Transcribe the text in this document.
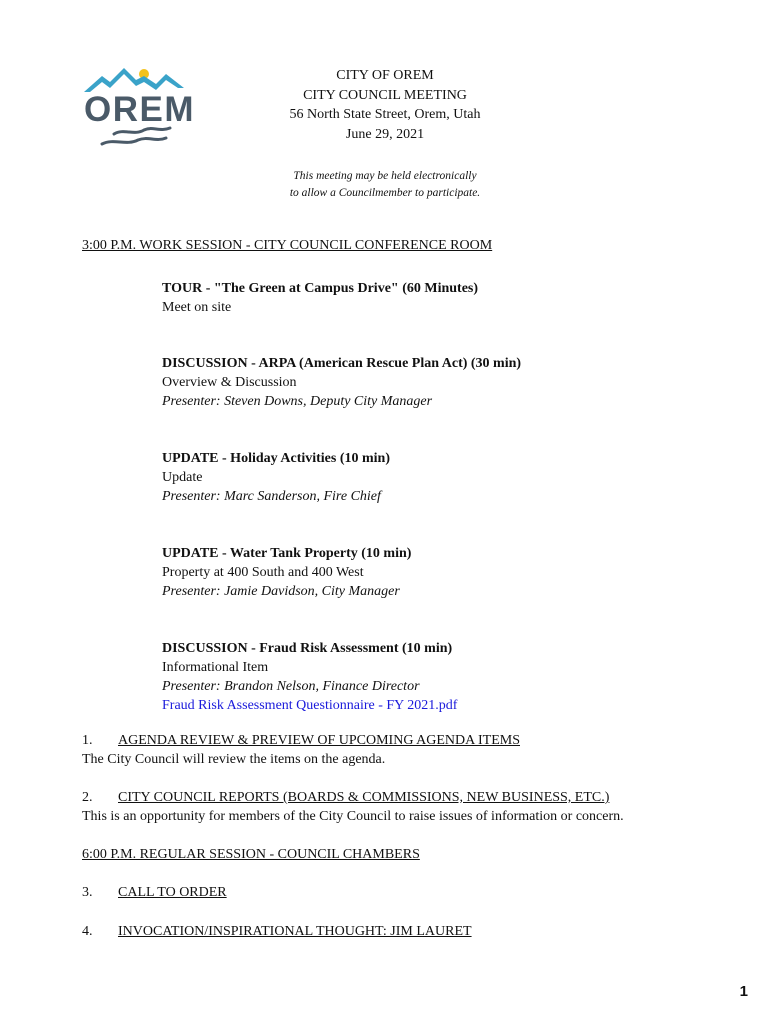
OREM
CITY OF OREM
CITY COUNCIL MEETING
56 North State Street, Orem, Utah
June 29, 2021
This meeting may be held electronically
to allow a Councilmember to participate.
3:00 P.M. WORK SESSION - CITY COUNCIL CONFERENCE ROOM
TOUR - "The Green at Campus Drive" (60 Minutes)
Meet on site
DISCUSSION - ARPA (American Rescue Plan Act) (30 min)
Overview & Discussion
Presenter: Steven Downs, Deputy City Manager
UPDATE - Holiday Activities (10 min)
Update
Presenter: Marc Sanderson, Fire Chief
UPDATE - Water Tank Property (10 min)
Property at 400 South and 400 West
Presenter: Jamie Davidson, City Manager
DISCUSSION - Fraud Risk Assessment (10 min)
Informational Item
Presenter: Brandon Nelson, Finance Director
Fraud Risk Assessment Questionnaire - FY 2021.pdf
1. AGENDA REVIEW & PREVIEW OF UPCOMING AGENDA ITEMS
The City Council will review the items on the agenda.
2. CITY COUNCIL REPORTS (BOARDS & COMMISSIONS, NEW BUSINESS, ETC.)
This is an opportunity for members of the City Council to raise issues of information or concern.
6:00 P.M. REGULAR SESSION - COUNCIL CHAMBERS
3. CALL TO ORDER
4. INVOCATION/INSPIRATIONAL THOUGHT: JIM LAURET
1
